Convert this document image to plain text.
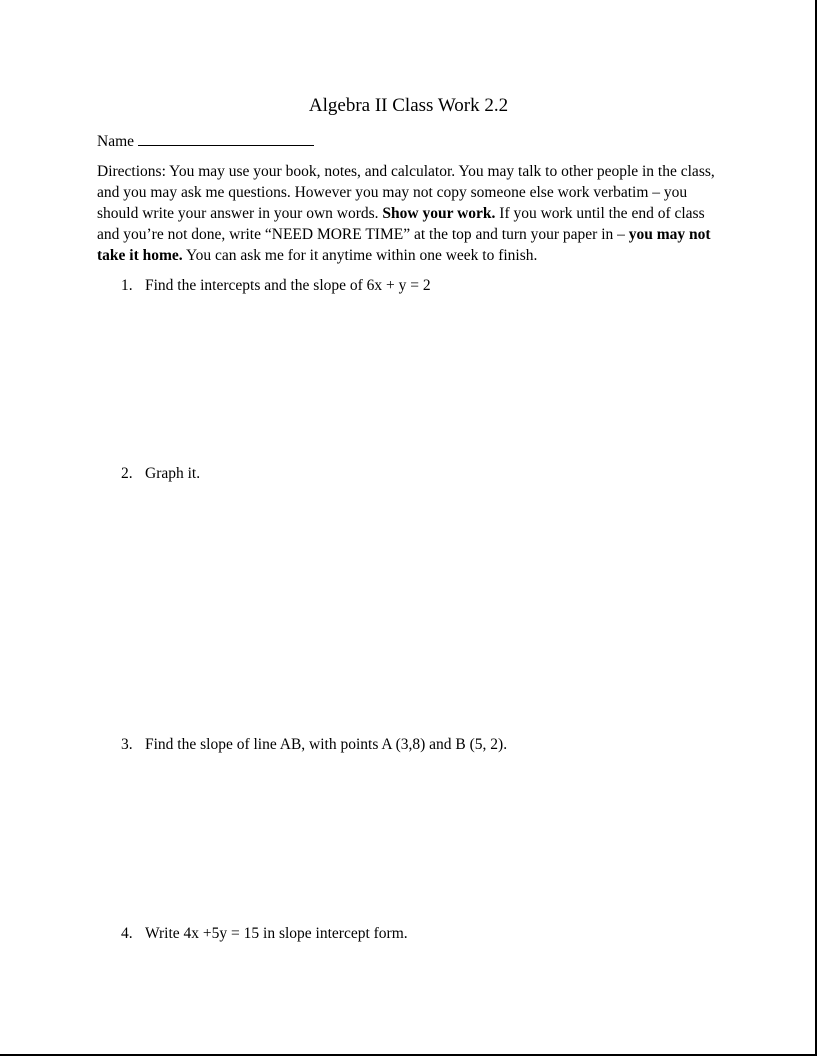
Algebra II Class Work 2.2
Name
Directions: You may use your book, notes, and calculator. You may talk to other people in the class, and you may ask me questions. However you may not copy someone else work verbatim – you should write your answer in your own words. Show your work. If you work until the end of class and you’re not done, write “NEED MORE TIME” at the top and turn your paper in – you may not take it home. You can ask me for it anytime within one week to finish.
1. Find the intercepts and the slope of 6x + y = 2
2. Graph it.
3. Find the slope of line AB, with points A (3,8) and B (5, 2).
4. Write 4x +5y = 15 in slope intercept form.
